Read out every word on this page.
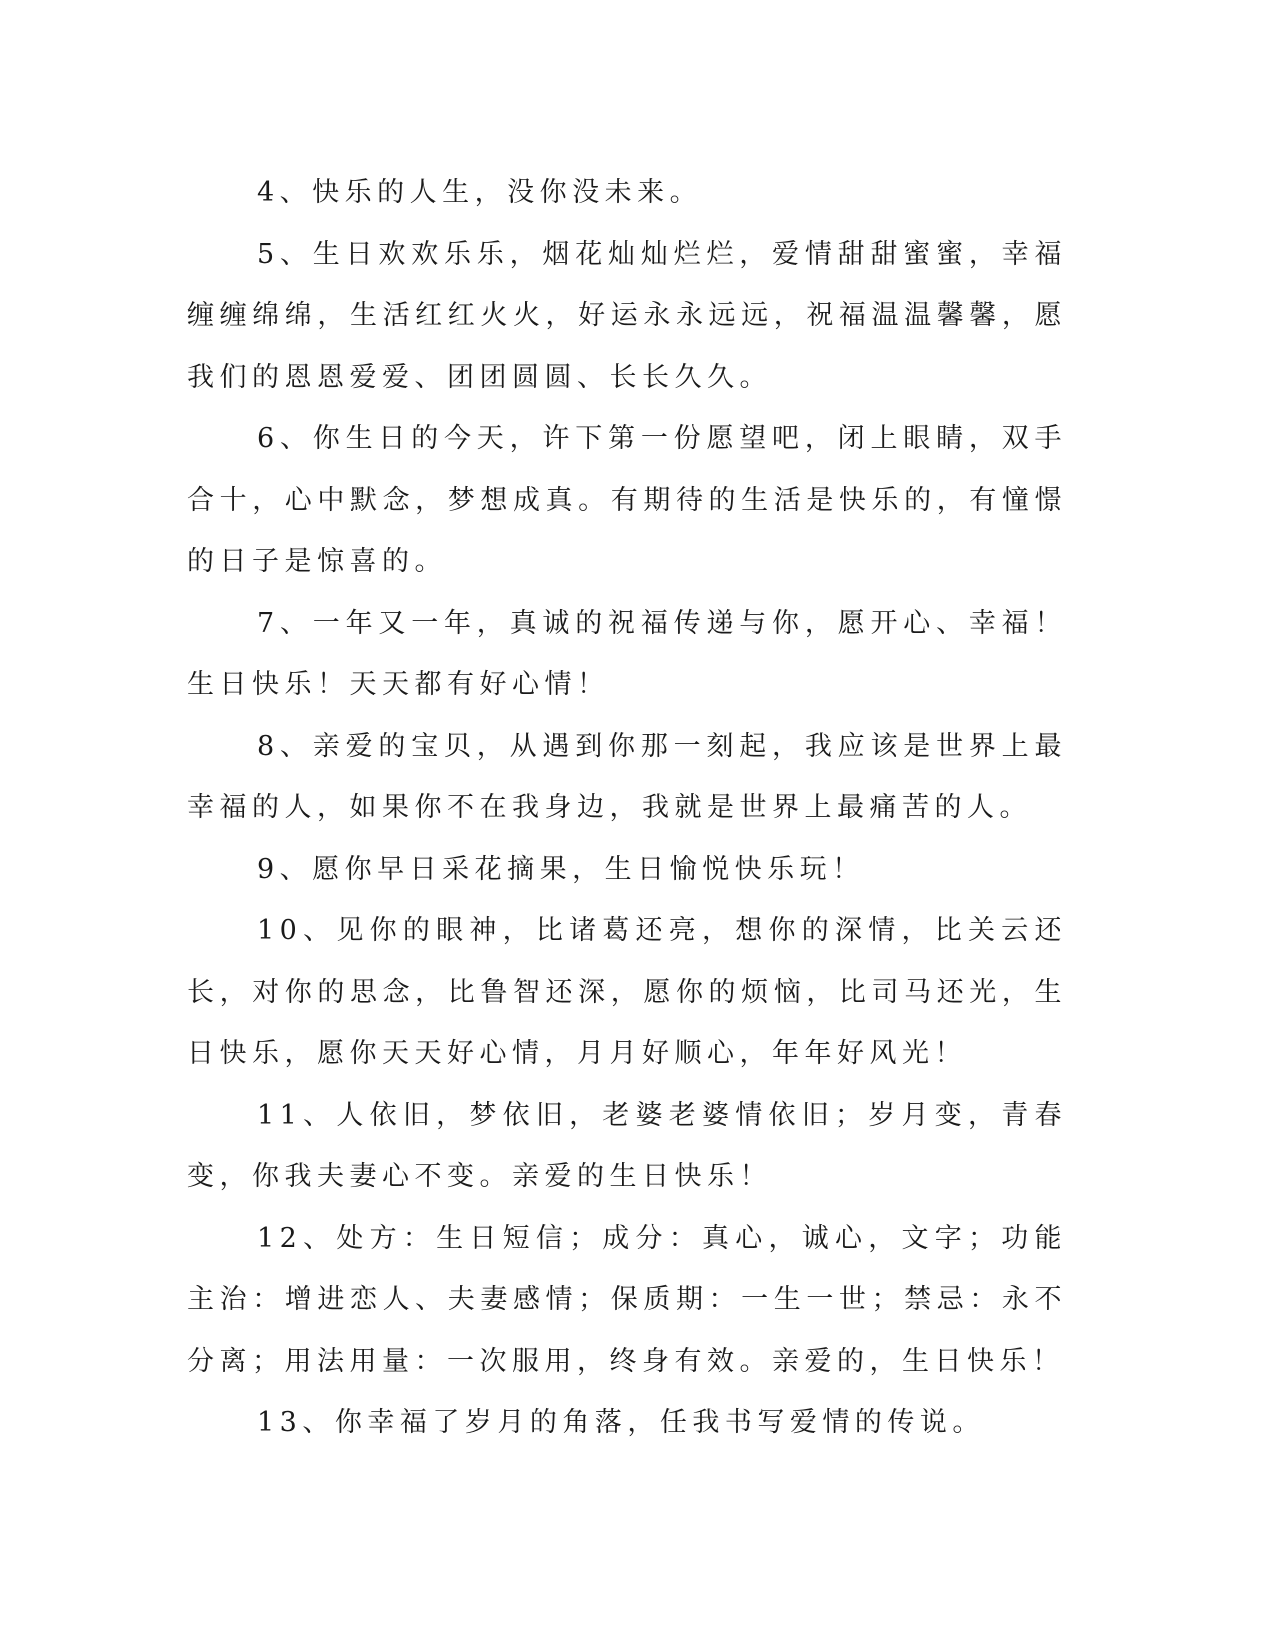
4、快乐的人生，没你没未来。

5、生日欢欢乐乐，烟花灿灿烂烂，爱情甜甜蜜蜜，幸福缠缠绵绵，生活红红火火，好运永永远远，祝福温温馨馨，愿我们的恩恩爱爱、团团圆圆、长长久久。

6、你生日的今天，许下第一份愿望吧，闭上眼睛，双手合十，心中默念，梦想成真。有期待的生活是快乐的，有憧憬的日子是惊喜的。

7、一年又一年，真诚的祝福传递与你，愿开心、幸福！生日快乐！天天都有好心情！

8、亲爱的宝贝，从遇到你那一刻起，我应该是世界上最幸福的人，如果你不在我身边，我就是世界上最痛苦的人。

9、愿你早日采花摘果，生日愉悦快乐玩！

10、见你的眼神，比诸葛还亮，想你的深情，比关云还长，对你的思念，比鲁智还深，愿你的烦恼，比司马还光，生日快乐，愿你天天好心情，月月好顺心，年年好风光！

11、人依旧，梦依旧，老婆老婆情依旧；岁月变，青春变，你我夫妻心不变。亲爱的生日快乐！

12、处方：生日短信；成分：真心，诚心，文字；功能主治：增进恋人、夫妻感情；保质期：一生一世；禁忌：永不分离；用法用量：一次服用，终身有效。亲爱的，生日快乐！

13、你幸福了岁月的角落，任我书写爱情的传说。
